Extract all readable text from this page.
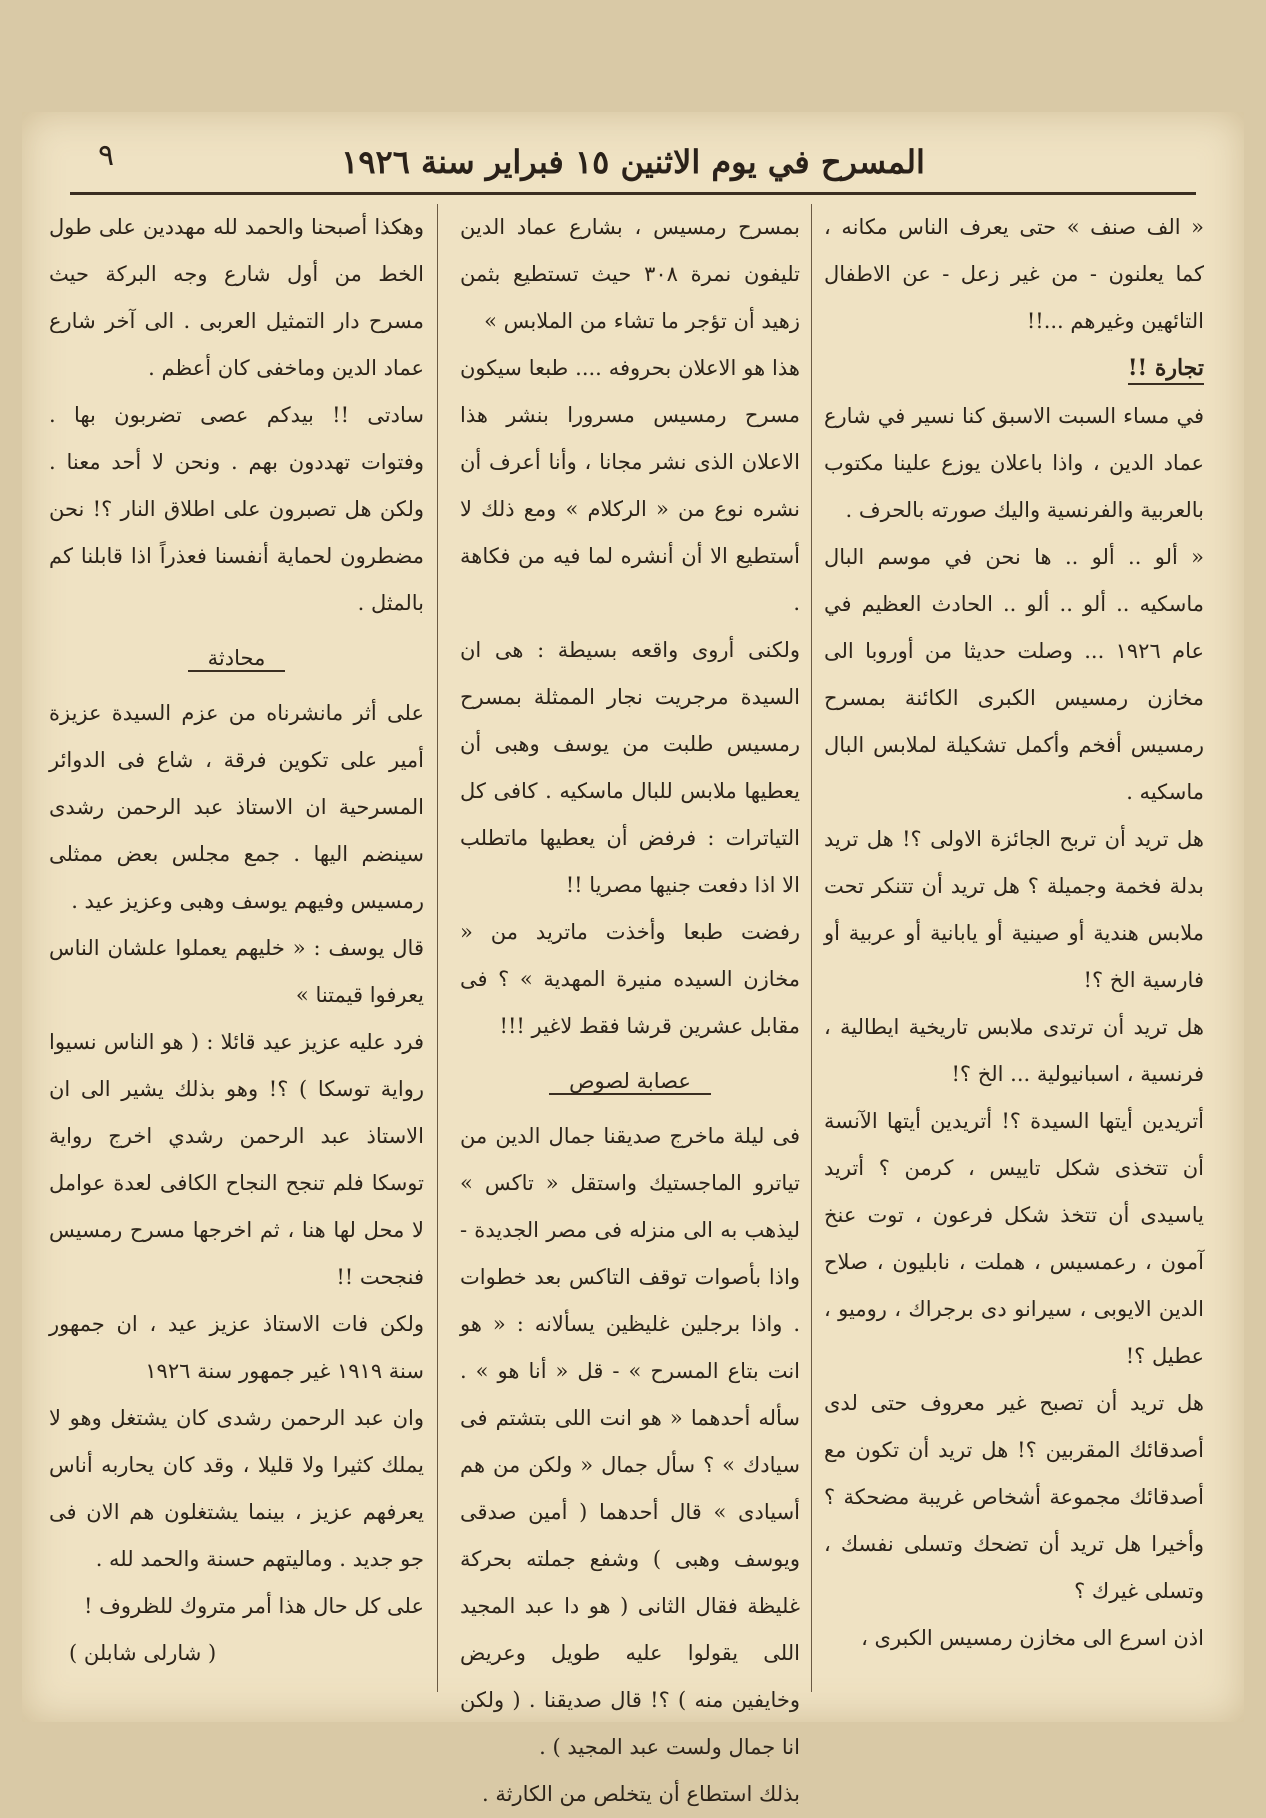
٩	المسرح في يوم الاثنين ١٥ فبراير سنة ١٩٢٦

« الف صنف » حتى يعرف الناس مكانه ، كما يعلنون - من غير زعل - عن الاطفال التائهين وغيرهم ...!!

تجارة !!

في مساء السبت الاسبق كنا نسير في شارع عماد الدين ، واذا باعلان يوزع علينا مكتوب بالعربية والفرنسية واليك صورته بالحرف .

« ألو .. ألو .. ها نحن في موسم البال ماسكيه .. ألو .. ألو .. الحادث العظيم في عام ١٩٢٦ ... وصلت حديثا من أوروبا الى مخازن رمسيس الكبرى الكائنة بمسرح رمسيس أفخم وأكمل تشكيلة لملابس البال ماسكيه .

هل تريد أن تربح الجائزة الاولى ؟! هل تريد بدلة فخمة وجميلة ؟ هل تريد أن تتنكر تحت ملابس هندية أو صينية أو يابانية أو عربية أو فارسية الخ ؟!

هل تريد أن ترتدى ملابس تاريخية ايطالية ، فرنسية ، اسبانيولية ... الخ ؟!

أتريدين أيتها السيدة ؟! أتريدين أيتها الآنسة أن تتخذى شكل تاييس ، كرمن ؟ أتريد ياسيدى أن تتخذ شكل فرعون ، توت عنخ آمون ، رعمسيس ، هملت ، نابليون ، صلاح الدين الايوبى ، سيرانو دى برجراك ، روميو ، عطيل ؟!

هل تريد أن تصبح غير معروف حتى لدى أصدقائك المقربين ؟! هل تريد أن تكون مع أصدقائك مجموعة أشخاص غريبة مضحكة ؟ وأخيرا هل تريد أن تضحك وتسلى نفسك ، وتسلى غيرك ؟

اذن اسرع الى مخازن رمسيس الكبرى ،

بمسرح رمسيس ، بشارع عماد الدين تليفون نمرة ٣٠٨ حيث تستطيع بثمن زهيد أن تؤجر ما تشاء من الملابس »

هذا هو الاعلان بحروفه .... طبعا سيكون مسرح رمسيس مسرورا بنشر هذا الاعلان الذى نشر مجانا ، وأنا أعرف أن نشره نوع من « الركلام » ومع ذلك لا أستطيع الا أن أنشره لما فيه من فكاهة .

ولكنى أروى واقعه بسيطة : هى ان السيدة مرجريت نجار الممثلة بمسرح رمسيس طلبت من يوسف وهبى أن يعطيها ملابس للبال ماسكيه . كافى كل التياترات : فرفض أن يعطيها ماتطلب الا اذا دفعت جنيها مصريا !!

رفضت طبعا وأخذت ماتريد من « مخازن السيده منيرة المهدية » ؟ فى مقابل عشرين قرشا فقط لاغير !!!

عصابة لصوص

فى ليلة ماخرج صديقنا جمال الدين من تياترو الماجستيك واستقل « تاكس » ليذهب به الى منزله فى مصر الجديدة - واذا بأصوات توقف التاكس بعد خطوات . واذا برجلين غليظين يسألانه : « هو انت بتاع المسرح » - قل « أنا هو » . سأله أحدهما « هو انت اللى بتشتم فى سيادك » ؟ سأل جمال « ولكن من هم أسيادى » قال أحدهما ( أمين صدقى ويوسف وهبى ) وشفع جملته بحركة غليظة فقال الثانى ( هو دا عبد المجيد اللى يقولوا عليه طويل وعريض وخايفين منه ) ؟! قال صديقنا . ( ولكن انا جمال ولست عبد المجيد ) .

بذلك استطاع أن يتخلص من الكارثة .

وهكذا أصبحنا والحمد لله مهددين على طول الخط من أول شارع وجه البركة حيث مسرح دار التمثيل العربى . الى آخر شارع عماد الدين وماخفى كان أعظم .

سادتى !! بيدكم عصى تضربون بها . وفتوات تهددون بهم . ونحن لا أحد معنا . ولكن هل تصبرون على اطلاق النار ؟! نحن مضطرون لحماية أنفسنا فعذراً اذا قابلنا كم بالمثل .

محادثة

على أثر مانشرناه من عزم السيدة عزيزة أمير على تكوين فرقة ، شاع فى الدوائر المسرحية ان الاستاذ عبد الرحمن رشدى سينضم اليها . جمع مجلس بعض ممثلى رمسيس وفيهم يوسف وهبى وعزيز عيد .

قال يوسف : « خليهم يعملوا علشان الناس يعرفوا قيمتنا »

فرد عليه عزيز عيد قائلا : ( هو الناس نسيوا رواية توسكا ) ؟! وهو بذلك يشير الى ان الاستاذ عبد الرحمن رشدي اخرج رواية توسكا فلم تنجح النجاح الكافى لعدة عوامل لا محل لها هنا ، ثم اخرجها مسرح رمسيس فنجحت !!

ولكن فات الاستاذ عزيز عيد ، ان جمهور سنة ١٩١٩ غير جمهور سنة ١٩٢٦

وان عبد الرحمن رشدى كان يشتغل وهو لا يملك كثيرا ولا قليلا ، وقد كان يحاربه أناس يعرفهم عزيز ، بينما يشتغلون هم الان فى جو جديد . وماليتهم حسنة والحمد لله .

على كل حال هذا أمر متروك للظروف !

( شارلى شابلن )
